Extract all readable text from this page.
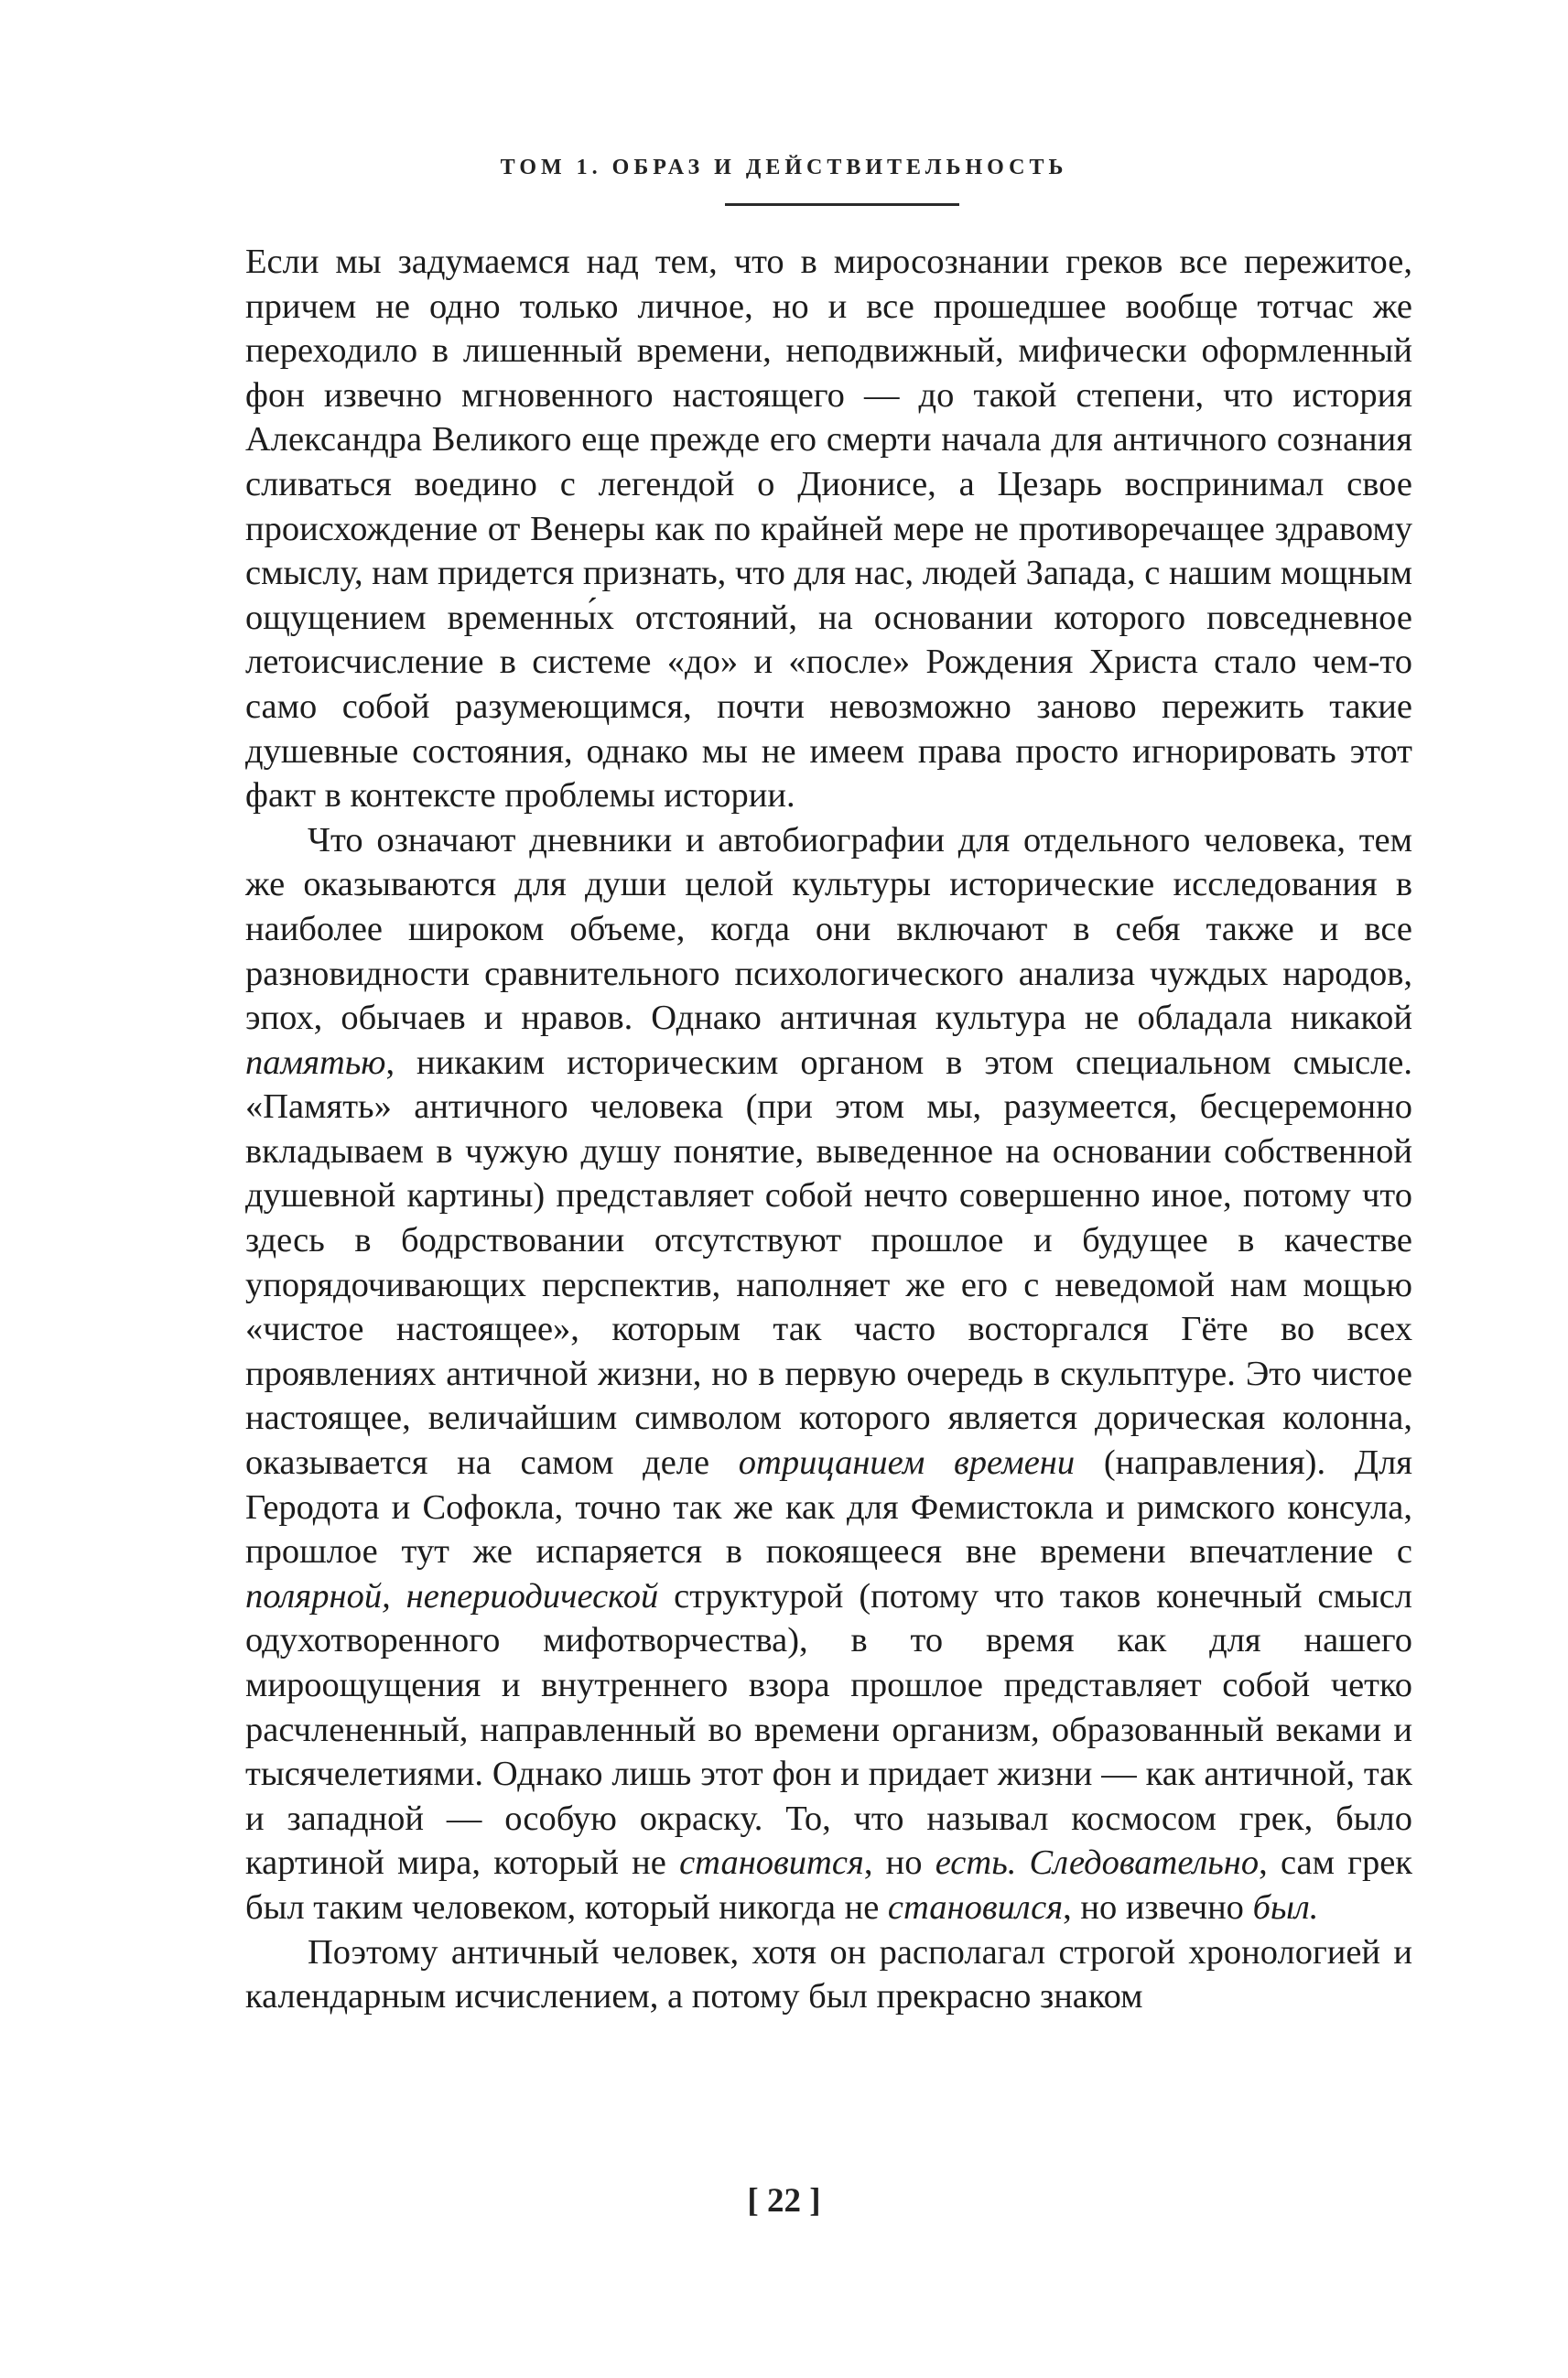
ТОМ 1. ОБРАЗ И ДЕЙСТВИТЕЛЬНОСТЬ

Если мы задумаемся над тем, что в миросознании греков все пережитое, причем не одно только личное, но и все прошедшее вообще тотчас же переходило в лишенный времени, неподвижный, мифически оформленный фон извечно мгновенного настоящего — до такой степени, что история Александра Великого еще прежде его смерти начала для античного сознания сливаться воедино с легендой о Дионисе, а Цезарь воспринимал свое происхождение от Венеры как по крайней мере не противоречащее здравому смыслу, нам придется признать, что для нас, людей Запада, с нашим мощным ощущением временны́х отстояний, на основании которого повседневное летоисчисление в системе «до» и «после» Рождения Христа стало чем-то само собой разумеющимся, почти невозможно заново пережить такие душевные состояния, однако мы не имеем права просто игнорировать этот факт в контексте проблемы истории.

Что означают дневники и автобиографии для отдельного человека, тем же оказываются для души целой культуры исторические исследования в наиболее широком объеме, когда они включают в себя также и все разновидности сравнительного психологического анализа чуждых народов, эпох, обычаев и нравов. Однако античная культура не обладала никакой памятью, никаким историческим органом в этом специальном смысле. «Память» античного человека (при этом мы, разумеется, бесцеремонно вкладываем в чужую душу понятие, выведенное на основании собственной душевной картины) представляет собой нечто совершенно иное, потому что здесь в бодрствовании отсутствуют прошлое и будущее в качестве упорядочивающих перспектив, наполняет же его с неведомой нам мощью «чистое настоящее», которым так часто восторгался Гёте во всех проявлениях античной жизни, но в первую очередь в скульптуре. Это чистое настоящее, величайшим символом которого является дорическая колонна, оказывается на самом деле отрицанием времени (направления). Для Геродота и Софокла, точно так же как для Фемистокла и римского консула, прошлое тут же испаряется в покоящееся вне времени впечатление с полярной, непериодической структурой (потому что таков конечный смысл одухотворенного мифотворчества), в то время как для нашего мироощущения и внутреннего взора прошлое представляет собой четко расчлененный, направленный во времени организм, образованный веками и тысячелетиями. Однако лишь этот фон и придает жизни — как античной, так и западной — особую окраску. То, что называл космосом грек, было картиной мира, который не становится, но есть. Следовательно, сам грек был таким человеком, который никогда не становился, но извечно был.

Поэтому античный человек, хотя он располагал строгой хронологией и календарным исчислением, а потому был прекрасно знаком

[ 22 ]
